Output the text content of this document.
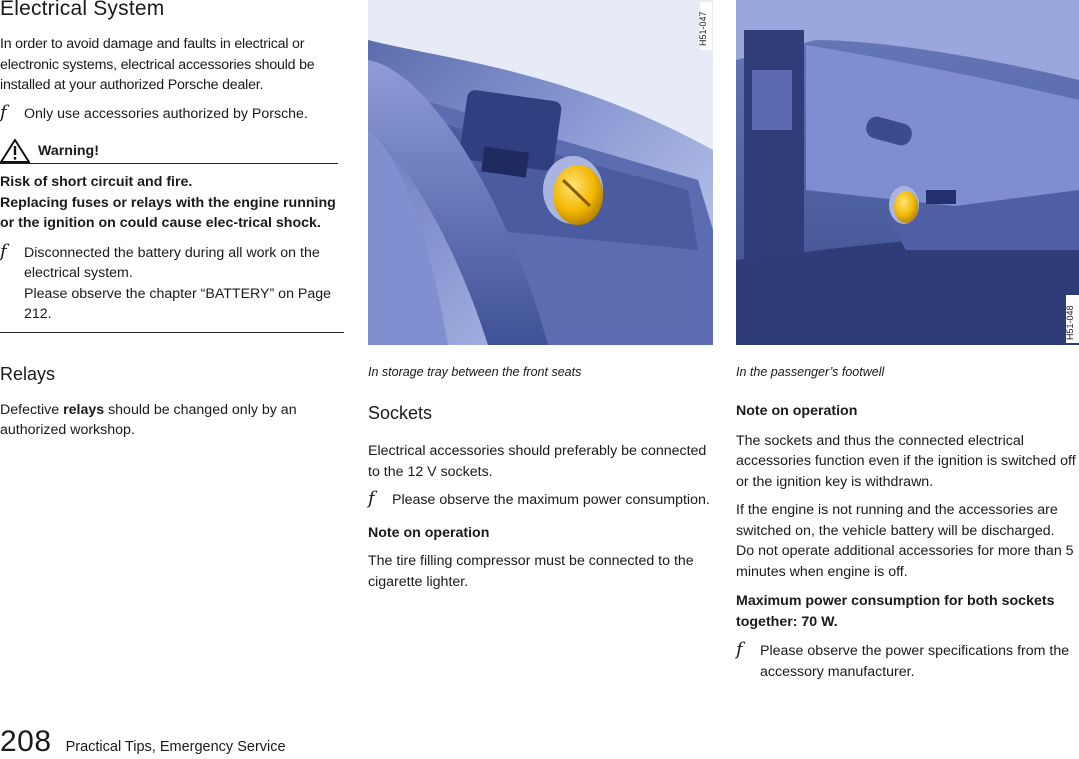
Electrical System

In order to avoid damage and faults in electrical or electronic systems, electrical accessories should be installed at your authorized Porsche dealer.

f Only use accessories authorized by Porsche.
Warning!
Risk of short circuit and fire.
Replacing fuses or relays with the engine running or the ignition on could cause elec-trical shock.
f Disconnected the battery during all work on the electrical system.
Please observe the chapter “BATTERY” on Page 212.
Relays

Defective relays should be changed only by an authorized workshop.

H51-047
H51-048
In storage tray between the front seats
Sockets

Electrical accessories should preferably be connected to the 12 V sockets.

f Please observe the maximum power consumption.
Note on operation

The tire filling compressor must be connected to the cigarette lighter.

In the passenger’s footwell
Note on operation

The sockets and thus the connected electrical accessories function even if the ignition is switched off or the ignition key is withdrawn.

If the engine is not running and the accessories are switched on, the vehicle battery will be discharged.

Do not operate additional accessories for more than 5 minutes when engine is off.

Maximum power consumption for both sockets together: 70 W.
f Please observe the power specifications from the accessory manufacturer.
208 Practical Tips, Emergency Service
